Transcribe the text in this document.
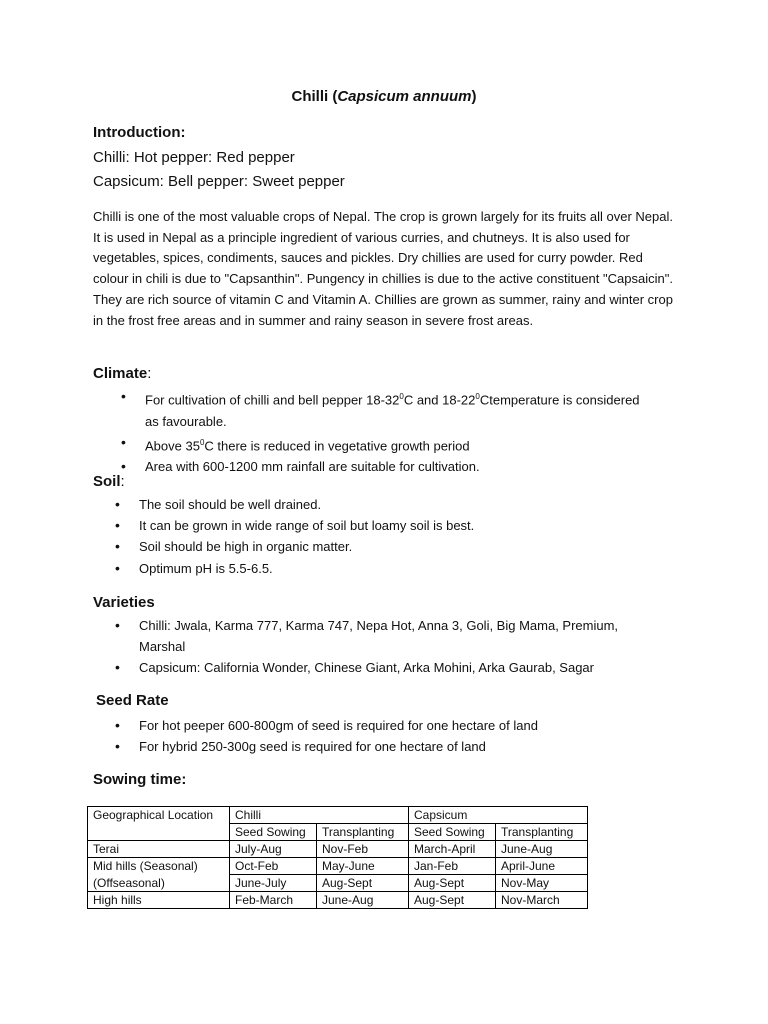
Chilli (Capsicum annuum)
Introduction:
Chilli: Hot pepper: Red pepper
Capsicum: Bell pepper: Sweet pepper
Chilli is one of the most valuable crops of Nepal. The crop is grown largely for its fruits all over Nepal. It is used in Nepal as a principle ingredient of various curries, and chutneys. It is also used for vegetables, spices, condiments, sauces and pickles. Dry chillies are used for curry powder. Red colour in chili is due to "Capsanthin". Pungency in chillies is due to the active constituent "Capsaicin". They are rich source of vitamin C and Vitamin A. Chillies are grown as summer, rainy and winter crop in the frost free areas and in summer and rainy season in severe frost areas.
Climate:
• For cultivation of chilli and bell pepper $18-32^0C$ and $18-22^0Ctemperature$ is considered as favourable.
• Above $35^0C$ there is reduced in vegetative growth period
• Area with 600-1200 mm rainfall are suitable for cultivation.
Soil:
• The soil should be well drained.
• It can be grown in wide range of soil but loamy soil is best.
• Soil should be high in organic matter.
• Optimum pH is 5.5-6.5.
Varieties
• Chilli: Jwala, Karma 777, Karma 747, Nepa Hot, Anna 3, Goli, Big Mama, Premium, Marshal
• Capsicum: California Wonder, Chinese Giant, Arka Mohini, Arka Gaurab, Sagar
Seed Rate
• For hot peeper 600-800gm of seed is required for one hectare of land
• For hybrid 250-300g seed is required for one hectare of land
Sowing time:
Geographical Location	Chilli		Capsicum	
	Seed Sowing	Transplanting	Seed Sowing	Transplanting
Terai	July-Aug	Nov-Feb	March-April	June-Aug
Mid hills (Seasonal)	Oct-Feb	May-June	Jan-Feb	April-June
(Offseasonal)	June-July	Aug-Sept	Aug-Sept	Nov-May
High hills	Feb-March	June-Aug	Aug-Sept	Nov-March
